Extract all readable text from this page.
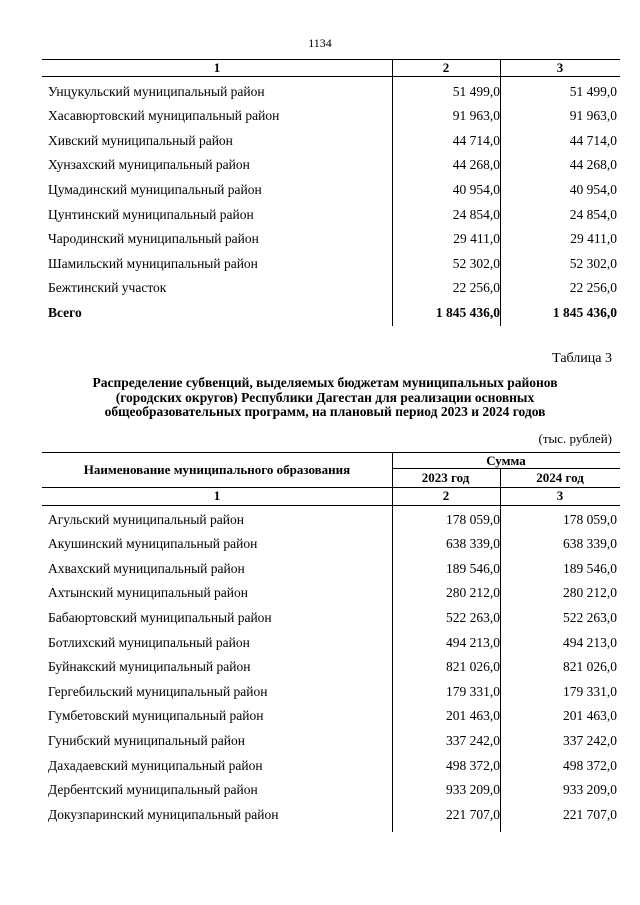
1134
1	2	3
Унцукульский муниципальный район	51 499,0	51 499,0
Хасавюртовский муниципальный район	91 963,0	91 963,0
Хивский муниципальный район	44 714,0	44 714,0
Хунзахский муниципальный район	44 268,0	44 268,0
Цумадинский муниципальный район	40 954,0	40 954,0
Цунтинский муниципальный район	24 854,0	24 854,0
Чародинский муниципальный район	29 411,0	29 411,0
Шамильский муниципальный район	52 302,0	52 302,0
Бежтинский участок	22 256,0	22 256,0
Всего	1 845 436,0	1 845 436,0
Таблица 3
Распределение субвенций, выделяемых бюджетам муниципальных районов
(городских округов) Республики Дагестан для реализации основных
общеобразовательных программ, на плановый период 2023 и 2024 годов
(тыс. рублей)
Наименование муниципального образования
Сумма
2023 год	2024 год
1	2	3
Агульский муниципальный район	178 059,0	178 059,0
Акушинский муниципальный район	638 339,0	638 339,0
Ахвахский муниципальный район	189 546,0	189 546,0
Ахтынский муниципальный район	280 212,0	280 212,0
Бабаюртовский муниципальный район	522 263,0	522 263,0
Ботлихский муниципальный район	494 213,0	494 213,0
Буйнакский муниципальный район	821 026,0	821 026,0
Гергебильский муниципальный район	179 331,0	179 331,0
Гумбетовский муниципальный район	201 463,0	201 463,0
Гунибский муниципальный район	337 242,0	337 242,0
Дахадаевский муниципальный район	498 372,0	498 372,0
Дербентский муниципальный район	933 209,0	933 209,0
Докузпаринский муниципальный район	221 707,0	221 707,0
